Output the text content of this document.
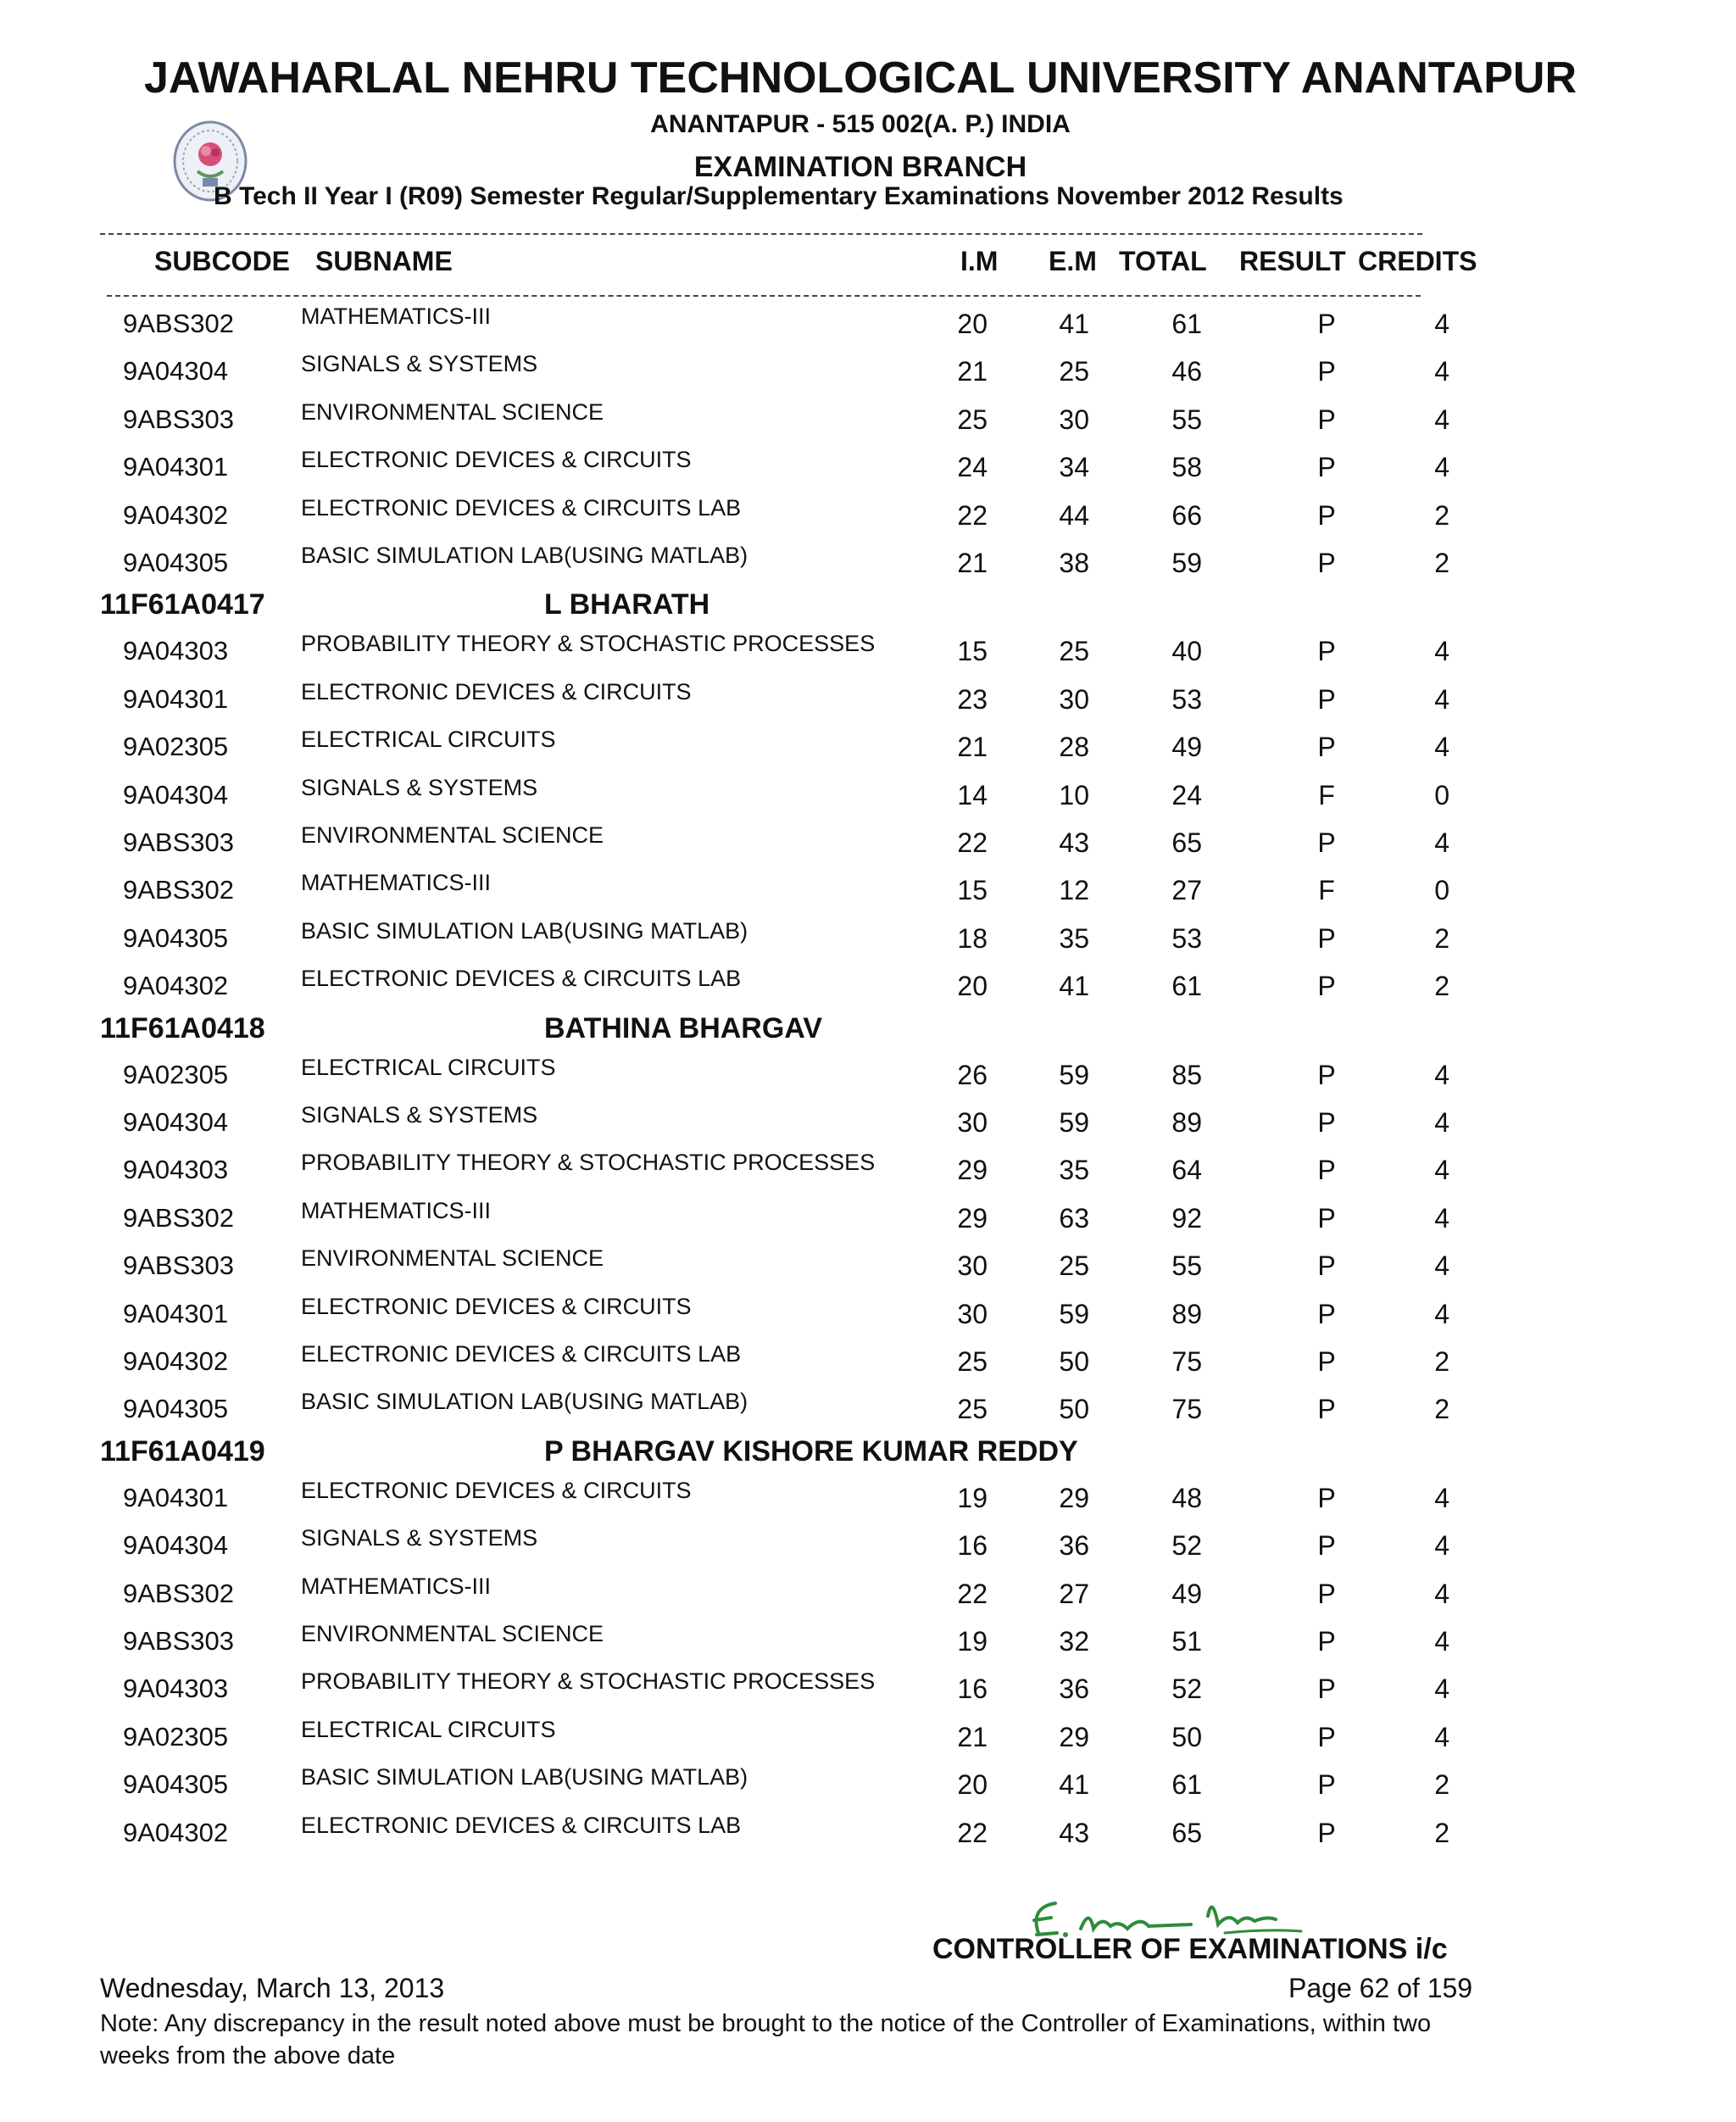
JAWAHARLAL NEHRU TECHNOLOGICAL UNIVERSITY ANANTAPUR
ANANTAPUR - 515 002(A. P.) INDIA
EXAMINATION BRANCH
B Tech II Year I (R09) Semester Regular/Supplementary Examinations November 2012 Results
SUBCODE SUBNAME	I.M E.M TOTAL RESULT CREDITS
9ABS302	MATHEMATICS-III	20	41	61	P	4
9A04304	SIGNALS & SYSTEMS	21	25	46	P	4
9ABS303	ENVIRONMENTAL SCIENCE	25	30	55	P	4
9A04301	ELECTRONIC DEVICES & CIRCUITS	24	34	58	P	4
9A04302	ELECTRONIC DEVICES & CIRCUITS LAB	22	44	66	P	2
9A04305	BASIC SIMULATION LAB(USING MATLAB)	21	38	59	P	2
11F61A0417	L BHARATH
9A04303	PROBABILITY THEORY & STOCHASTIC PROCESSES	15	25	40	P	4
9A04301	ELECTRONIC DEVICES & CIRCUITS	23	30	53	P	4
9A02305	ELECTRICAL CIRCUITS	21	28	49	P	4
9A04304	SIGNALS & SYSTEMS	14	10	24	F	0
9ABS303	ENVIRONMENTAL SCIENCE	22	43	65	P	4
9ABS302	MATHEMATICS-III	15	12	27	F	0
9A04305	BASIC SIMULATION LAB(USING MATLAB)	18	35	53	P	2
9A04302	ELECTRONIC DEVICES & CIRCUITS LAB	20	41	61	P	2
11F61A0418	BATHINA BHARGAV
9A02305	ELECTRICAL CIRCUITS	26	59	85	P	4
9A04304	SIGNALS & SYSTEMS	30	59	89	P	4
9A04303	PROBABILITY THEORY & STOCHASTIC PROCESSES	29	35	64	P	4
9ABS302	MATHEMATICS-III	29	63	92	P	4
9ABS303	ENVIRONMENTAL SCIENCE	30	25	55	P	4
9A04301	ELECTRONIC DEVICES & CIRCUITS	30	59	89	P	4
9A04302	ELECTRONIC DEVICES & CIRCUITS LAB	25	50	75	P	2
9A04305	BASIC SIMULATION LAB(USING MATLAB)	25	50	75	P	2
11F61A0419	P BHARGAV KISHORE KUMAR REDDY
9A04301	ELECTRONIC DEVICES & CIRCUITS	19	29	48	P	4
9A04304	SIGNALS & SYSTEMS	16	36	52	P	4
9ABS302	MATHEMATICS-III	22	27	49	P	4
9ABS303	ENVIRONMENTAL SCIENCE	19	32	51	P	4
9A04303	PROBABILITY THEORY & STOCHASTIC PROCESSES	16	36	52	P	4
9A02305	ELECTRICAL CIRCUITS	21	29	50	P	4
9A04305	BASIC SIMULATION LAB(USING MATLAB)	20	41	61	P	2
9A04302	ELECTRONIC DEVICES & CIRCUITS LAB	22	43	65	P	2
CONTROLLER OF EXAMINATIONS i/c
Wednesday, March 13, 2013	Page 62 of 159
Note: Any discrepancy in the result noted above must be brought to the notice of the Controller of Examinations, within two weeks from the above date
